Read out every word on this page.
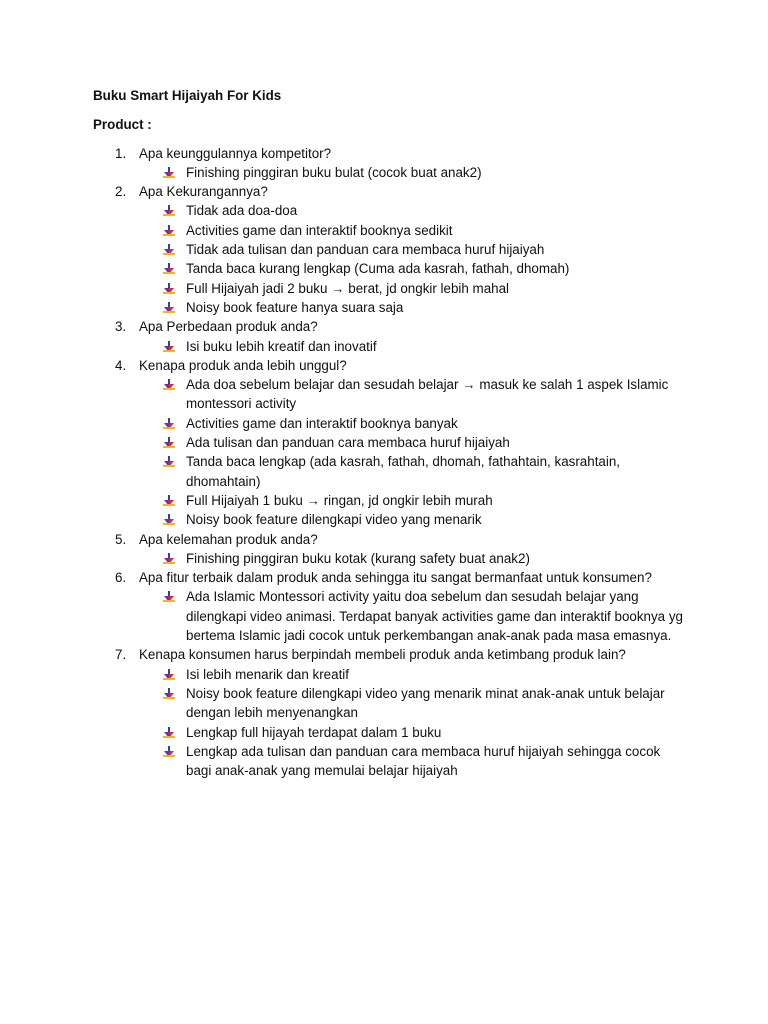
Buku Smart Hijaiyah For Kids

Product :

1. Apa keunggulannya kompetitor?
Finishing pinggiran buku bulat (cocok buat anak2)
2. Apa Kekurangannya?
Tidak ada doa-doa
Activities game dan interaktif booknya sedikit
Tidak ada tulisan dan panduan cara membaca huruf hijaiyah
Tanda baca kurang lengkap (Cuma ada kasrah, fathah, dhomah)
Full Hijaiyah jadi 2 buku → berat, jd ongkir lebih mahal
Noisy book feature hanya suara saja
3. Apa Perbedaan produk anda?
Isi buku lebih kreatif dan inovatif
4. Kenapa produk anda lebih unggul?
Ada doa sebelum belajar dan sesudah belajar → masuk ke salah 1 aspek Islamic montessori activity
Activities game dan interaktif booknya banyak
Ada tulisan dan panduan cara membaca huruf hijaiyah
Tanda baca lengkap (ada kasrah, fathah, dhomah, fathahtain, kasrahtain, dhomahtain)
Full Hijaiyah 1 buku → ringan, jd ongkir lebih murah
Noisy book feature dilengkapi video yang menarik
5. Apa kelemahan produk anda?
Finishing pinggiran buku kotak (kurang safety buat anak2)
6. Apa fitur terbaik dalam produk anda sehingga itu sangat bermanfaat untuk konsumen?
Ada Islamic Montessori activity yaitu doa sebelum dan sesudah belajar yang dilengkapi video animasi. Terdapat banyak activities game dan interaktif booknya yg bertema Islamic jadi cocok untuk perkembangan anak-anak pada masa emasnya.
7. Kenapa konsumen harus berpindah membeli produk anda ketimbang produk lain?
Isi lebih menarik dan kreatif
Noisy book feature dilengkapi video yang menarik minat anak-anak untuk belajar dengan lebih menyenangkan
Lengkap full hijayah terdapat dalam 1 buku
Lengkap ada tulisan dan panduan cara membaca huruf hijaiyah sehingga cocok bagi anak-anak yang memulai belajar hijaiyah
